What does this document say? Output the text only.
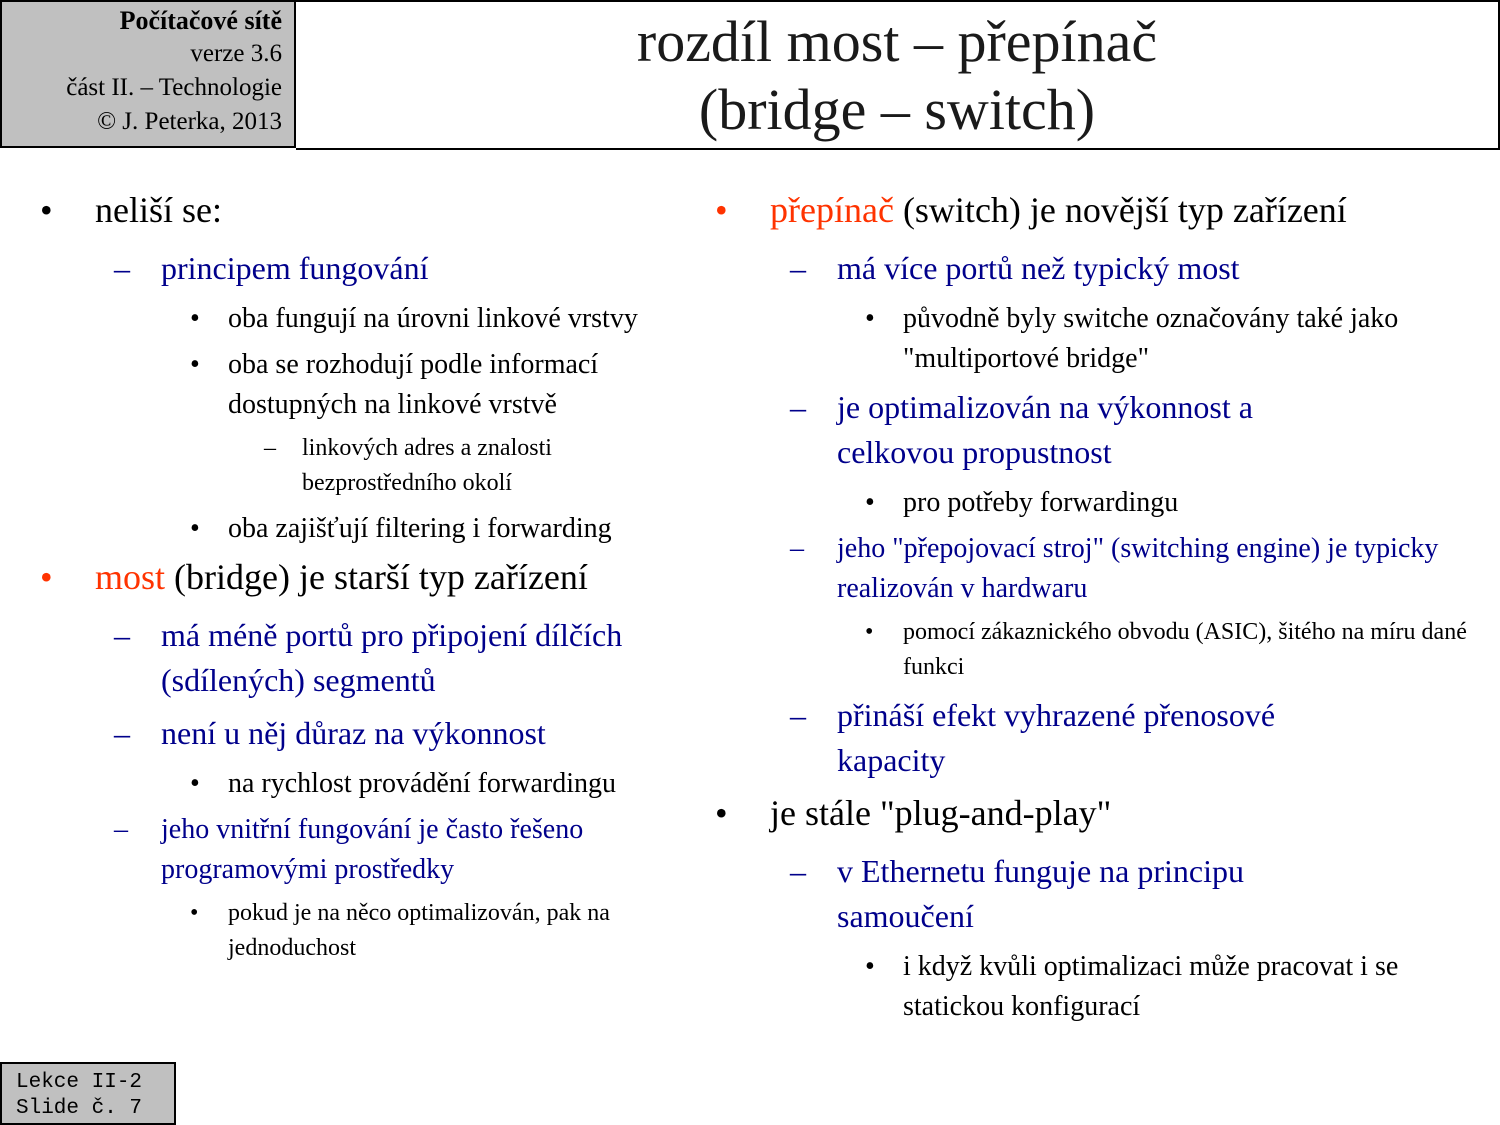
Počítačové sítě
verze 3.6
část II. – Technologie
© J. Peterka, 2013
rozdíl most – přepínač
(bridge – switch)
• neliší se:
– principem fungování
• oba fungují na úrovni linkové vrstvy
• oba se rozhodují podle informací dostupných na linkové vrstvě
– linkových adres a znalosti bezprostředního okolí
• oba zajišťují filtering i forwarding
• most (bridge) je starší typ zařízení
– má méně portů pro připojení dílčích (sdílených) segmentů
– není u něj důraz na výkonnost
• na rychlost provádění forwardingu
– jeho vnitřní fungování je často řešeno programovými prostředky
• pokud je na něco optimalizován, pak na jednoduchost
• přepínač (switch) je novější typ zařízení
– má více portů než typický most
• původně byly switche označovány také jako "multiportové bridge"
– je optimalizován na výkonnost a celkovou propustnost
• pro potřeby forwardingu
– jeho "přepojovací stroj" (switching engine) je typicky realizován v hardwaru
• pomocí zákaznického obvodu (ASIC), šitého na míru dané funkci
– přináší efekt vyhrazené přenosové kapacity
• je stále "plug-and-play"
– v Ethernetu funguje na principu samoučení
• i když kvůli optimalizaci může pracovat i se statickou konfigurací
Lekce II-2
Slide č. 7
